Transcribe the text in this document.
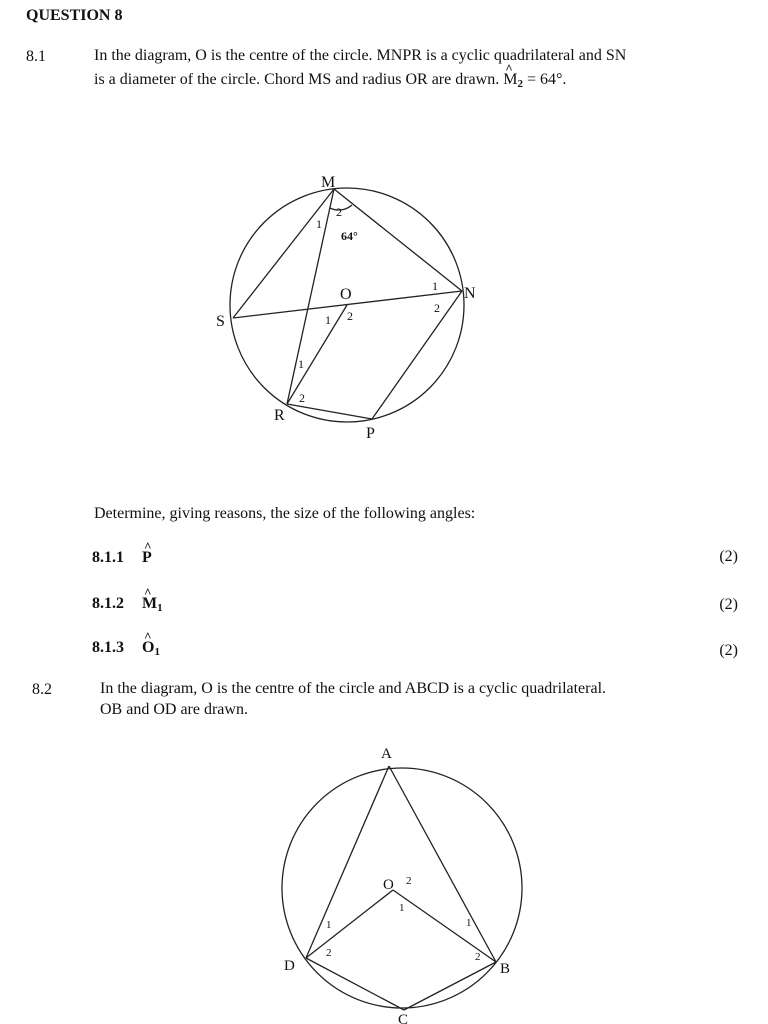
QUESTION 8
8.1	In the diagram, O is the centre of the circle. MNPR is a cyclic quadrilateral and SN
is a diameter of the circle. Chord MS and radius OR are drawn. ^ $M_2 = 64^\circ$.
M
N
S
R
P
O
1
2
64°
1
2
1 2
1
2
Determine, giving reasons, the size of the following angles:
8.1.1 ^ P	(2)
8.1.2 ^ $M_1$	(2)
8.1.3 ^ $O_1$	(2)
8.2	In the diagram, O is the centre of the circle and ABCD is a cyclic quadrilateral.
OB and OD are drawn.
A
B
C
D
O 2
1
1
2
1
2
